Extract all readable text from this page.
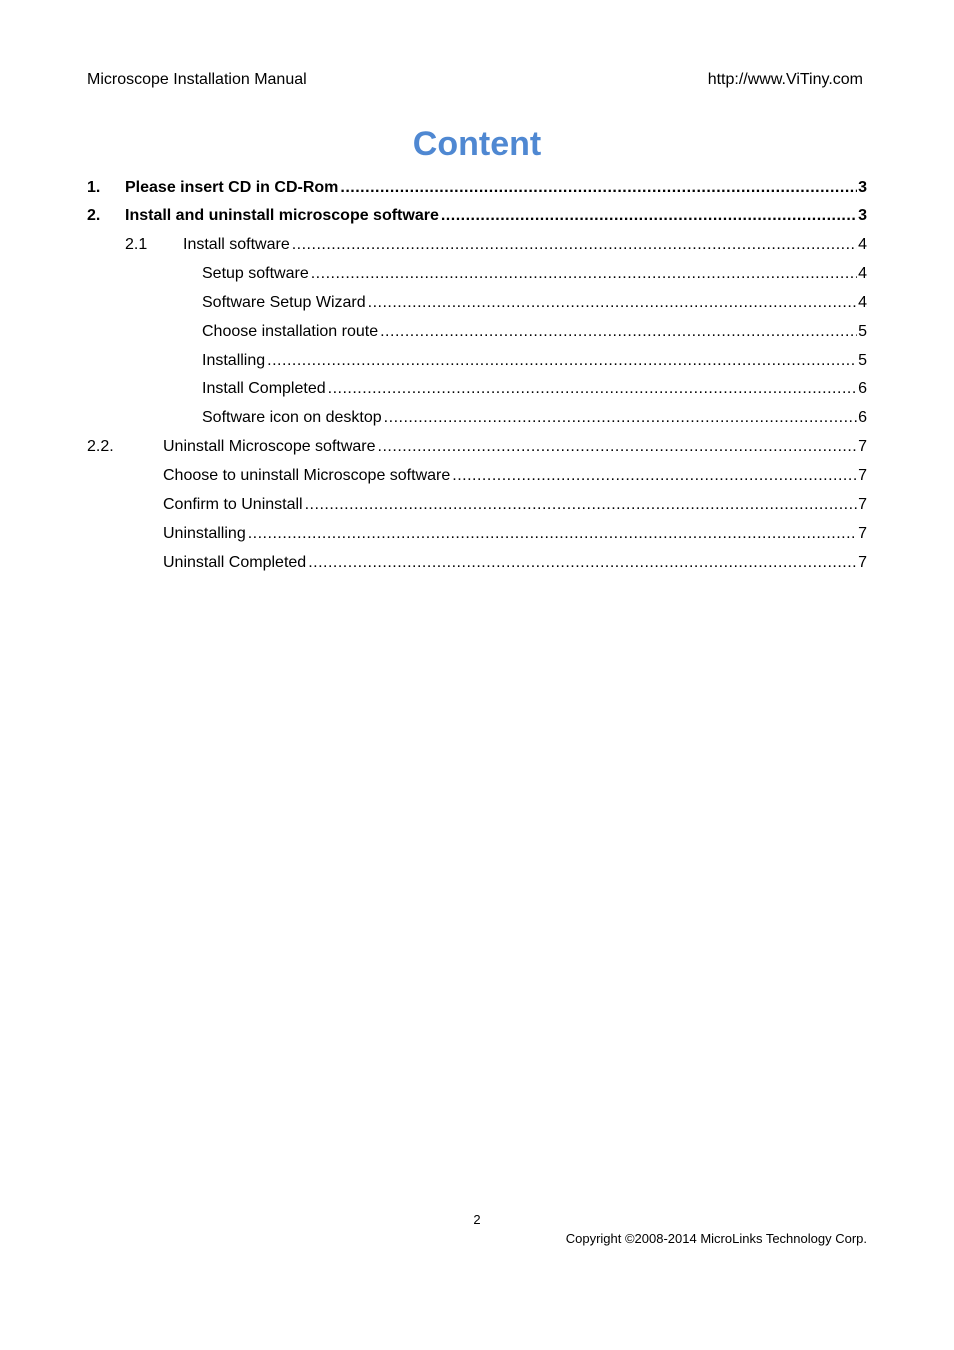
Microscope Installation Manual	http://www.ViTiny.com
Content
1. Please insert CD in CD-Rom .....	3
2. Install and uninstall microscope software .....	3
2.1 Install software .....	4
Setup software .....	4
Software Setup Wizard .....	4
Choose installation route .....	5
Installing .....	5
Install Completed .....	6
Software icon on desktop .....	6
2.2.	Uninstall Microscope software .....	7
Choose to uninstall Microscope software .....	7
Confirm to Uninstall .....	7
Uninstalling .....	7
Uninstall Completed .....	7
2
Copyright ©2008-2014 MicroLinks Technology Corp.
